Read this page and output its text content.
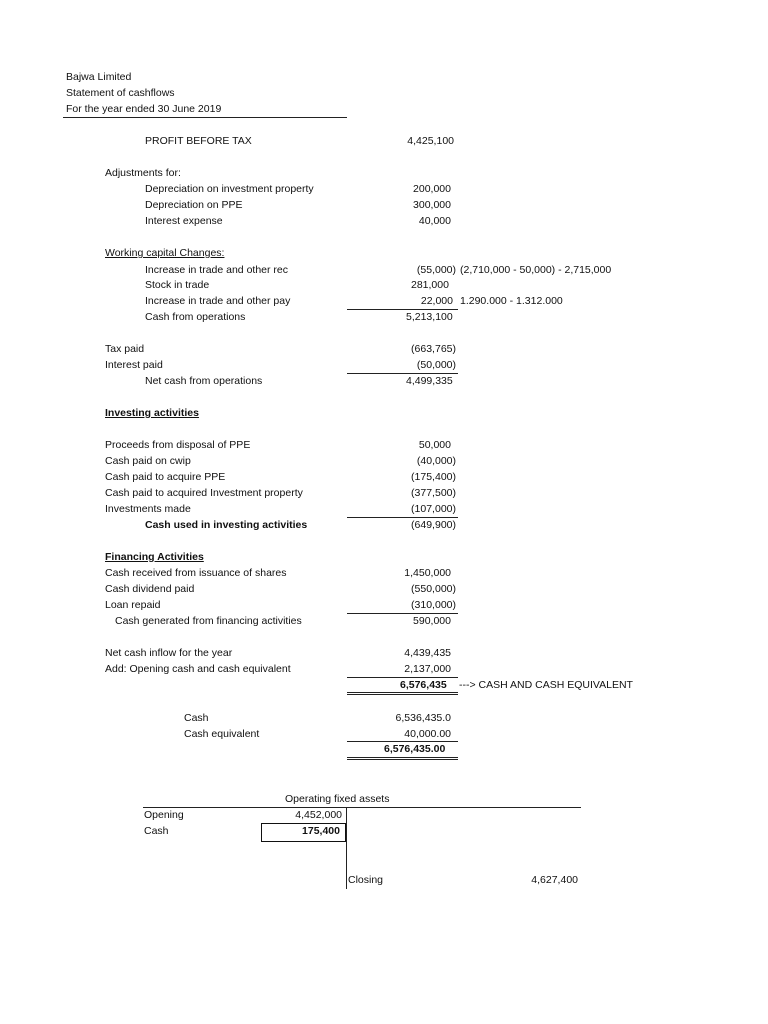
Bajwa Limited
Statement of cashflows
For the year ended 30 June 2019
PROFIT BEFORE TAX	4,425,100
Adjustments for:
Depreciation on investment property	200,000
Depreciation on PPE	300,000
Interest expense	40,000
Working capital Changes:
Increase in trade and other rec	(55,000) (2,710,000 - 50,000) - 2,715,000
Stock in trade	281,000
Increase in trade and other pay	22,000 1.290.000 - 1.312.000
Cash from operations	5,213,100
Tax paid	(663,765)
Interest paid	(50,000)
Net cash from operations	4,499,335
Investing activities
Proceeds from disposal of PPE	50,000
Cash paid on cwip	(40,000)
Cash paid to acquire PPE	(175,400)
Cash paid to acquired Investment property	(377,500)
Investments made	(107,000)
Cash used in investing activities	(649,900)
Financing Activities
Cash received from issuance of shares	1,450,000
Cash dividend paid	(550,000)
Loan repaid	(310,000)
Cash generated from financing activities	590,000
Net cash inflow for the year	4,439,435
Add: Opening cash and cash equivalent	2,137,000
6,576,435 ---> CASH AND CASH EQUIVALENT
Cash	6,536,435.0
Cash equivalent	40,000.00
6,576,435.00
Operating fixed assets
Opening	4,452,000
Cash	175,400
Closing	4,627,400
